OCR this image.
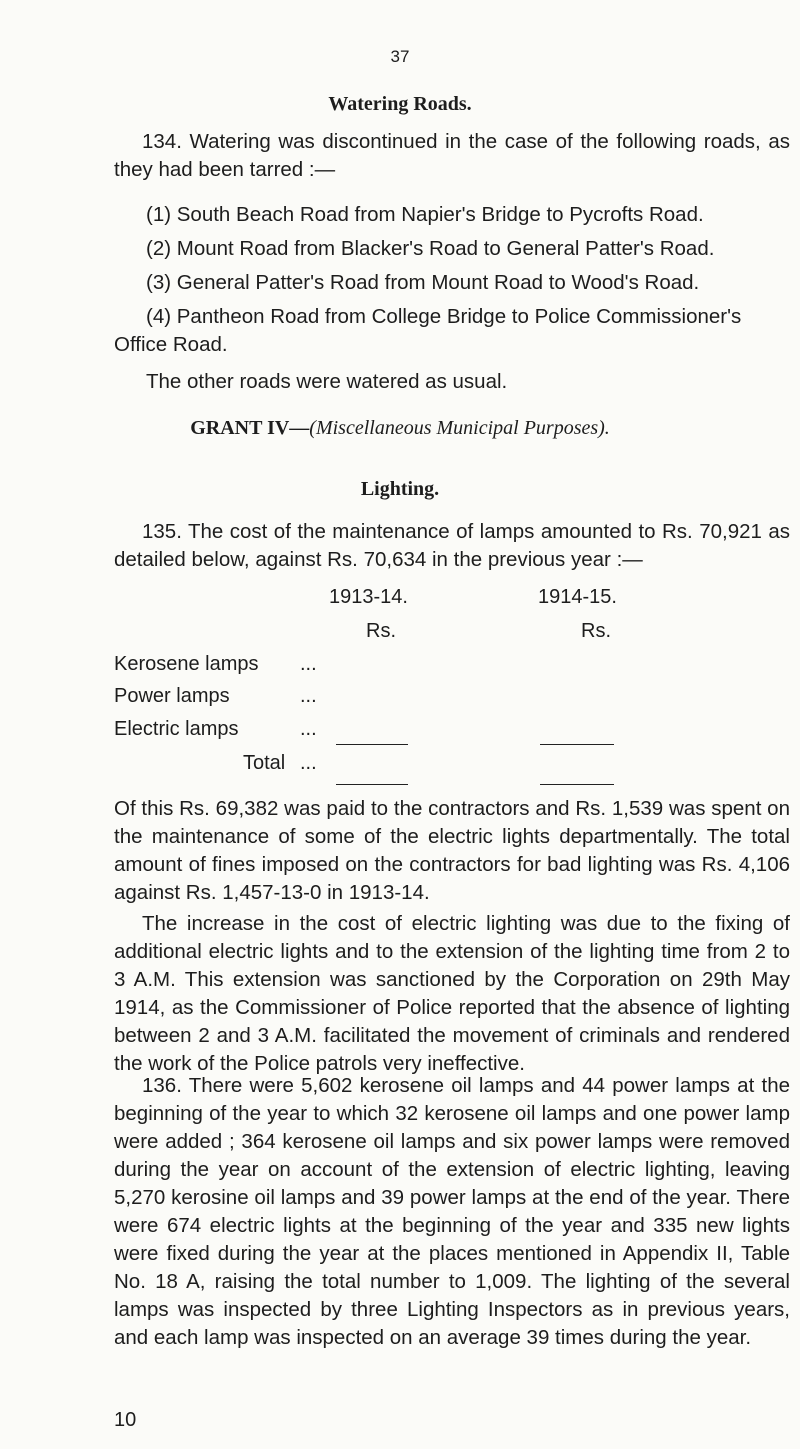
37
Watering Roads.

134. Watering was discontinued in the case of the following roads, as they had been tarred :—

(1) South Beach Road from Napier's Bridge to Pycrofts Road.

(2) Mount Road from Blacker's Road to General Patter's Road.

(3) General Patter's Road from Mount Road to Wood's Road.

(4) Pantheon Road from College Bridge to Police Commissioner's

Office Road.

The other roads were watered as usual.

GRANT IV—(Miscellaneous Municipal Purposes).
Lighting.

135. The cost of the maintenance of lamps amounted to Rs. 70,921 as detailed below, against Rs. 70,634 in the previous year :—

1913-14.	1914-15.
Rs.	Rs.
Kerosene lamps ...
Power lamps	...
Electric lamps	...
Total ...

Of this Rs. 69,382 was paid to the contractors and Rs. 1,539 was spent on the maintenance of some of the electric lights departmentally. The total amount of fines imposed on the contractors for bad lighting was Rs. 4,106 against Rs. 1,457-13-0 in 1913-14.

The increase in the cost of electric lighting was due to the fixing of additional electric lights and to the extension of the lighting time from 2 to 3 A.M. This extension was sanctioned by the Corporation on 29th May 1914, as the Commissioner of Police reported that the absence of lighting between 2 and 3 A.M. facilitated the movement of criminals and rendered the work of the Police patrols very ineffective.

136. There were 5,602 kerosene oil lamps and 44 power lamps at the beginning of the year to which 32 kerosene oil lamps and one power lamp were added ; 364 kerosene oil lamps and six power lamps were removed during the year on account of the extension of electric lighting, leaving 5,270 kerosine oil lamps and 39 power lamps at the end of the year. There were 674 electric lights at the beginning of the year and 335 new lights were fixed during the year at the places mentioned in Appendix II, Table No. 18 A, raising the total number to 1,009. The lighting of the several lamps was inspected by three Lighting Inspectors as in previous years, and each lamp was inspected on an average 39 times during the year.

10
